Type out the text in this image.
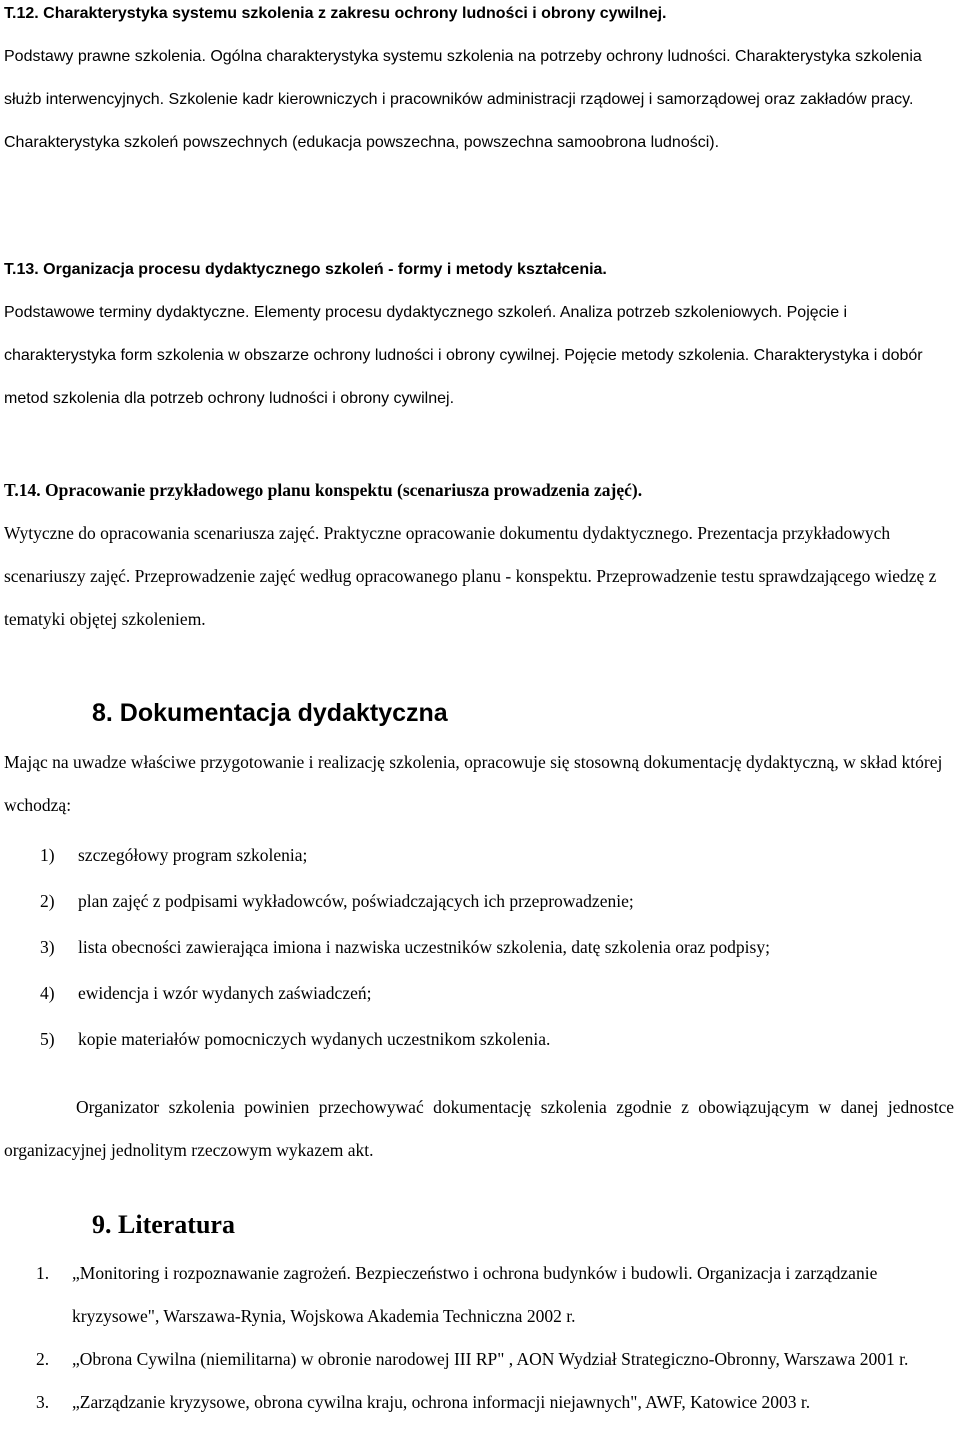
T.12. Charakterystyka systemu szkolenia z zakresu ochrony ludności i obrony cywilnej.
Podstawy prawne szkolenia. Ogólna charakterystyka systemu szkolenia na potrzeby ochrony ludności. Charakterystyka szkolenia służb interwencyjnych. Szkolenie kadr kierowniczych i pracowników administracji rządowej i samorządowej oraz zakładów pracy. Charakterystyka szkoleń powszechnych (edukacja powszechna, powszechna samoobrona ludności).

T.13. Organizacja procesu dydaktycznego szkoleń - formy i metody kształcenia.
Podstawowe terminy dydaktyczne. Elementy procesu dydaktycznego szkoleń. Analiza potrzeb szkoleniowych. Pojęcie i charakterystyka form szkolenia w obszarze ochrony ludności i obrony cywilnej. Pojęcie metody szkolenia. Charakterystyka i dobór metod szkolenia dla potrzeb ochrony ludności i obrony cywilnej.

T.14. Opracowanie przykładowego planu konspektu (scenariusza prowadzenia zajęć).
Wytyczne do opracowania scenariusza zajęć. Praktyczne opracowanie dokumentu dydaktycznego. Prezentacja przykładowych scenariuszy zajęć. Przeprowadzenie zajęć według opracowanego planu - konspektu. Przeprowadzenie testu sprawdzającego wiedzę z tematyki objętej szkoleniem.

8. Dokumentacja dydaktyczna

Mając na uwadze właściwe przygotowanie i realizację szkolenia, opracowuje się stosowną dokumentację dydaktyczną, w skład której wchodzą:

1) szczegółowy program szkolenia;
2) plan zajęć z podpisami wykładowców, poświadczających ich przeprowadzenie;
3) lista obecności zawierająca imiona i nazwiska uczestników szkolenia, datę szkolenia oraz podpisy;
4) ewidencja i wzór wydanych zaświadczeń;
5) kopie materiałów pomocniczych wydanych uczestnikom szkolenia.

Organizator szkolenia powinien przechowywać dokumentację szkolenia zgodnie z obowiązującym w danej jednostce organizacyjnej jednolitym rzeczowym wykazem akt.

9. Literatura
1. „Monitoring i rozpoznawanie zagrożeń. Bezpieczeństwo i ochrona budynków i budowli. Organizacja i zarządzanie kryzysowe", Warszawa-Rynia, Wojskowa Akademia Techniczna 2002 r.
2. „Obrona Cywilna (niemilitarna) w obronie narodowej III RP" , AON Wydział Strategiczno-Obronny, Warszawa 2001 r.
3. „Zarządzanie kryzysowe, obrona cywilna kraju, ochrona informacji niejawnych", AWF, Katowice 2003 r.
